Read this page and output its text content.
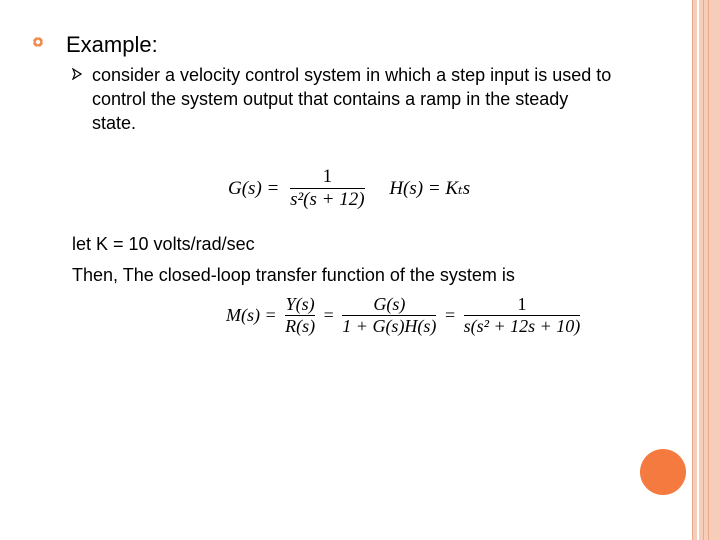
Example:
consider a velocity control system in which a step input is used to control the system output that contains a ramp in the steady state.
$G(s) = \frac{1}{\text{s²(s + 12)}} H(s) = K_ts$
let K = 10 volts/rad/sec
Then, The closed-loop transfer function of the system is
$M(s) = \frac{Y(s)}{R(s)} = \frac{G(s)}{1 + G(s)H(s)} = \frac{1}{\text{s(s² + 12s + 10)}}$
